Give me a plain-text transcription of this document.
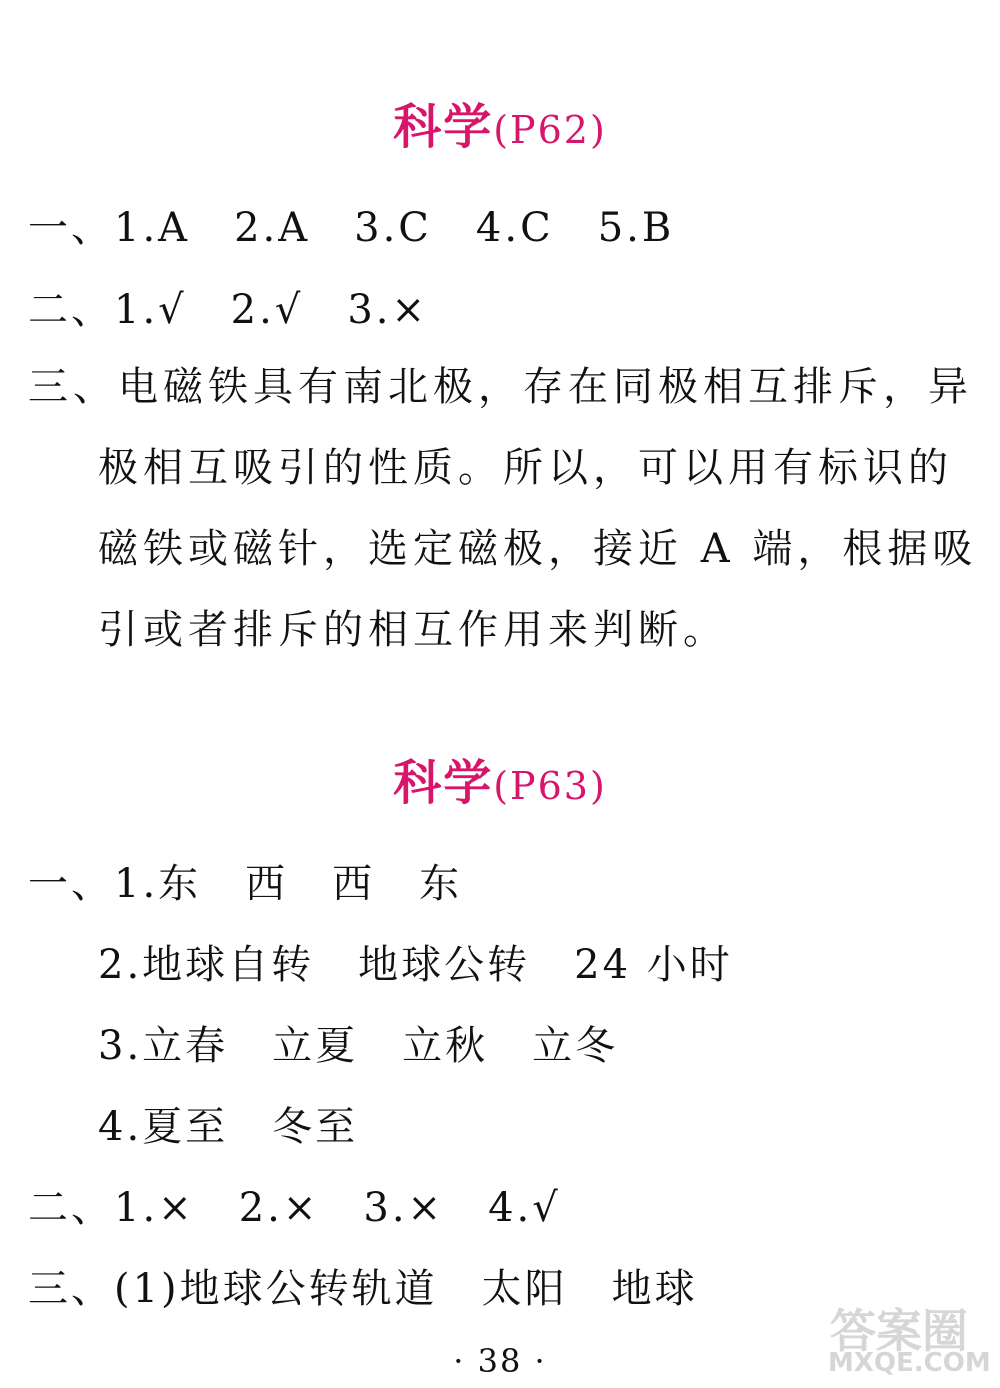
科学(P62)
一、1.A 2.A 3.C 4.C 5.B
二、1.√ 2.√ 3.×
三、电磁铁具有南北极，存在同极相互排斥，异极相互吸引的性质。所以，可以用有标识的磁铁或磁针，选定磁极，接近 A 端，根据吸引或者排斥的相互作用来判断。
科学(P63)
一、1.东 西 西 东
2.地球自转 地球公转 24 小时
3.立春 立夏 立秋 立冬
4.夏至 冬至
二、1.× 2.× 3.× 4.√
三、(1)地球公转轨道 太阳 地球
· 38 ·
答案圈
MXQE.COM
